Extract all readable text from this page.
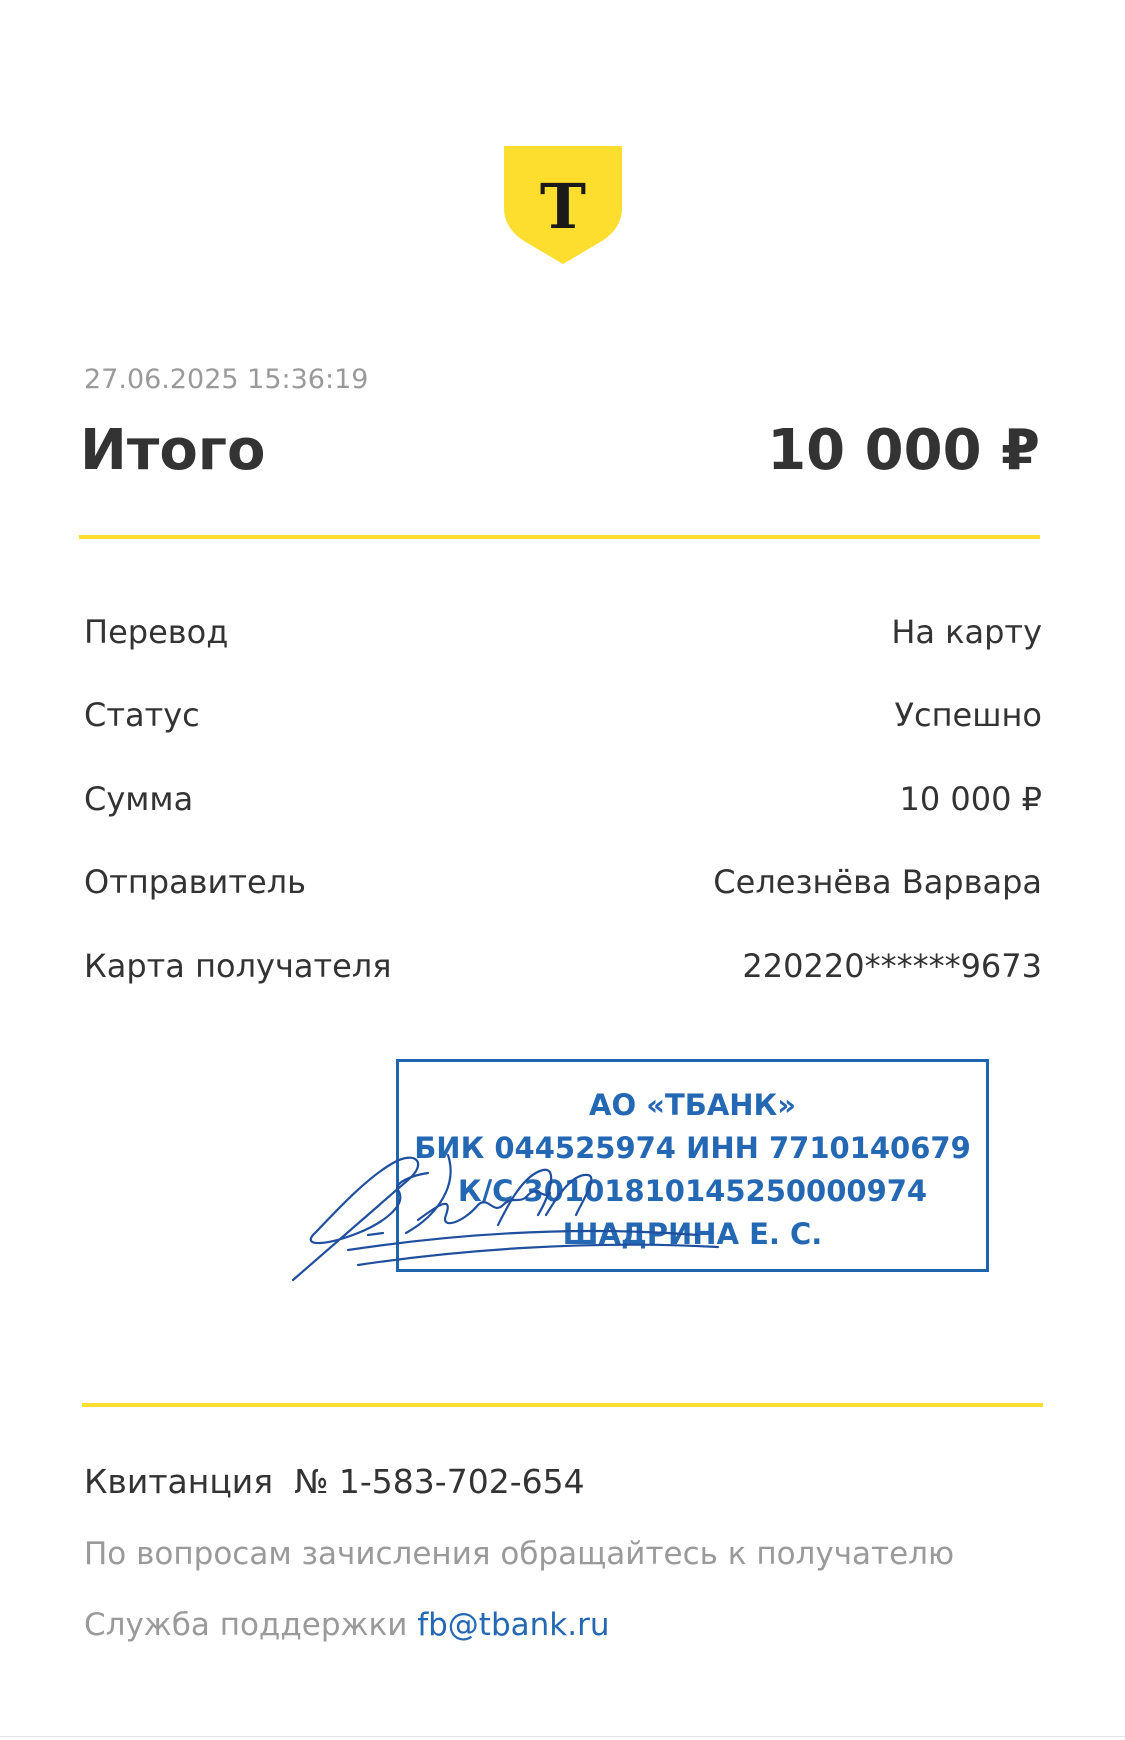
Т
27.06.2025 15:36:19
Итого	10 000 ₽
Перевод	На карту
Статус	Успешно
Сумма	10 000 ₽
Отправитель	Селезнёва Варвара
Карта получателя	220220******9673
АО «ТБАНК»
БИК 044525974 ИНН 7710140679
К/С 30101810145250000974
ШАДРИНА Е. С.
Квитанция № 1-583-702-654
По вопросам зачисления обращайтесь к получателю
Служба поддержки fb@tbank.ru
